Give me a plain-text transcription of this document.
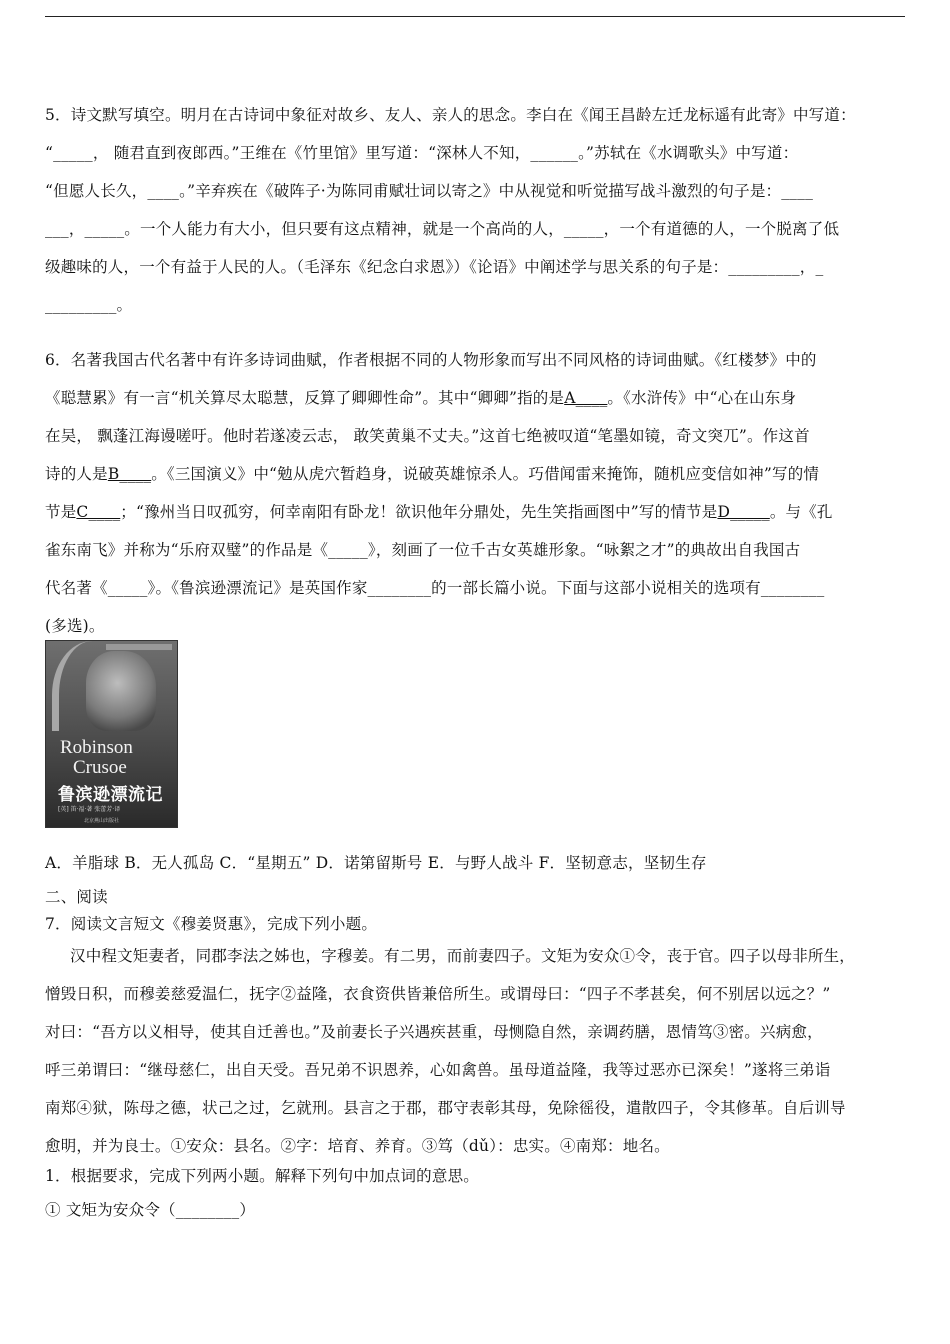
5．诗文默写填空。明月在古诗词中象征对故乡、友人、亲人的思念。李白在《闻王昌龄左迁龙标遥有此寄》中写道：
“_____， 随君直到夜郎西。”王维在《竹里馆》里写道：“深林人不知，______。”苏轼在《水调歌头》中写道：
“但愿人长久，____。”辛弃疾在《破阵子·为陈同甫赋壮词以寄之》中从视觉和听觉描写战斗激烈的句子是：____
___，_____。一个人能力有大小，但只要有这点精神，就是一个高尚的人，_____，一个有道德的人，一个脱离了低
级趣味的人，一个有益于人民的人。（毛泽东《纪念白求恩》）《论语》中阐述学与思关系的句子是：_________，_
_________。
6．名著我国古代名著中有许多诗词曲赋，作者根据不同的人物形象而写出不同风格的诗词曲赋。《红楼梦》中的
《聪慧累》有一言“机关算尽太聪慧，反算了卿卿性命”。其中“卿卿”指的是A____。《水浒传》中“心在山东身
在吴， 飘蓬江海谩嗟吁。他时若遂凌云志， 敢笑黄巢不丈夫。”这首七绝被叹道“笔墨如镜，奇文突兀”。作这首
诗的人是B____。《三国演义》中“勉从虎穴暂趋身，说破英雄惊杀人。巧借闻雷来掩饰，随机应变信如神”写的情
节是C____；“豫州当日叹孤穷，何幸南阳有卧龙！欲识他年分鼎处，先生笑指画图中”写的情节是D_____。与《孔
雀东南飞》并称为“乐府双璧”的作品是《_____》，刻画了一位千古女英雄形象。“咏絮之才”的典故出自我国古
代名著《_____》。《鲁滨逊漂流记》是英国作家________的一部长篇小说。下面与这部小说相关的选项有________
(多选)。
Robinson
Crusoe
鲁滨逊漂流记
[英] 笛·福·著 张蕾芳·译
北京燕山出版社
A．羊脂球 B．无人孤岛 C．“星期五” D．诺第留斯号 E．与野人战斗 F．坚韧意志，坚韧生存
二、阅读
7．阅读文言短文《穆姜贤惠》，完成下列小题。
汉中程文矩妻者，同郡李法之姊也，字穆姜。有二男，而前妻四子。文矩为安众①令，丧于官。四子以母非所生，
憎毁日积，而穆姜慈爱温仁，抚字②益隆，衣食资供皆兼倍所生。或谓母曰：“四子不孝甚矣，何不别居以远之？”
对曰：“吾方以义相导，使其自迁善也。”及前妻长子兴遇疾甚重，母恻隐自然，亲调药膳，恩情笃③密。兴病愈，
呼三弟谓曰：“继母慈仁，出自天受。吾兄弟不识恩养，心如禽兽。虽母道益隆，我等过恶亦已深矣！”遂将三弟诣
南郑④狱，陈母之德，状己之过，乞就刑。县言之于郡，郡守表彰其母，免除徭役，遣散四子，令其修革。自后训导
愈明，并为良士。①安众：县名。②字：培育、养育。③笃（dǔ）：忠实。④南郑：地名。
1．根据要求，完成下列两小题。解释下列句中加点词的意思。
① 文矩为安众令（________）
